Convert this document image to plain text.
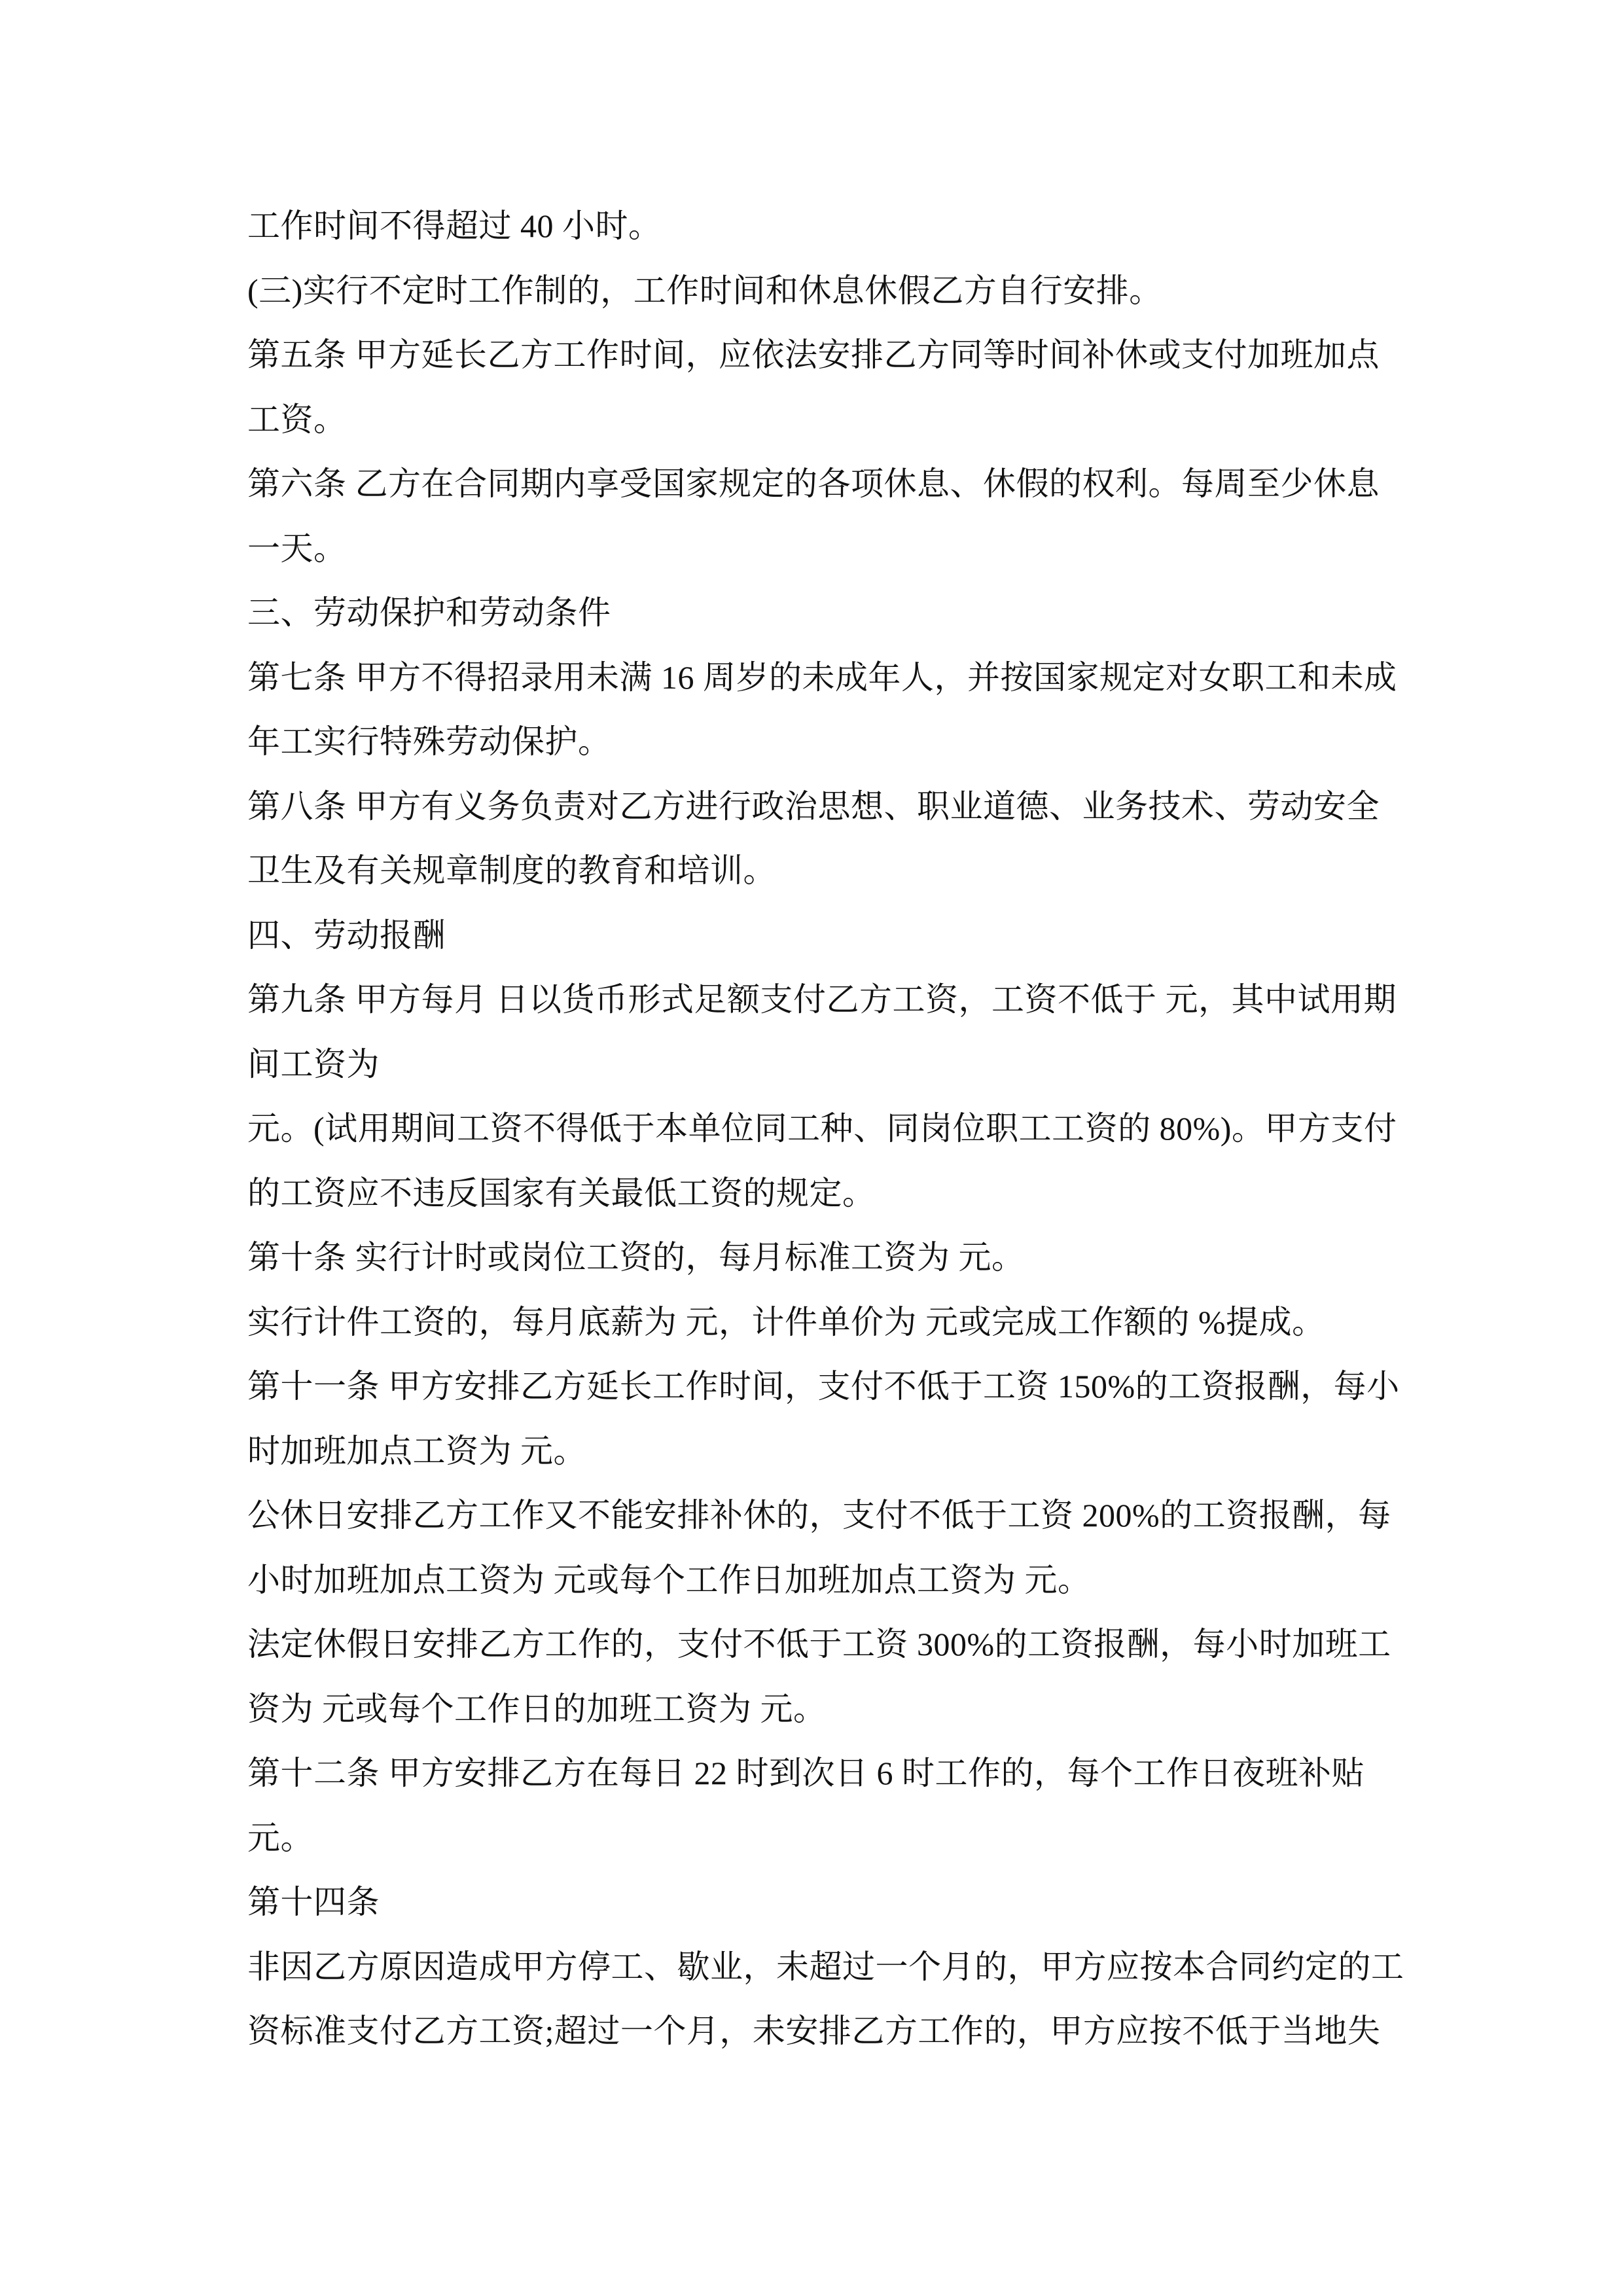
工作时间不得超过 40 小时。
(三)实行不定时工作制的，工作时间和休息休假乙方自行安排。
第五条 甲方延长乙方工作时间，应依法安排乙方同等时间补休或支付加班加点
工资。
第六条 乙方在合同期内享受国家规定的各项休息、休假的权利。每周至少休息
一天。
三、劳动保护和劳动条件
第七条 甲方不得招录用未满 16 周岁的未成年人，并按国家规定对女职工和未成
年工实行特殊劳动保护。
第八条 甲方有义务负责对乙方进行政治思想、职业道德、业务技术、劳动安全
卫生及有关规章制度的教育和培训。
四、劳动报酬
第九条 甲方每月 日以货币形式足额支付乙方工资，工资不低于 元，其中试用期
间工资为
元。(试用期间工资不得低于本单位同工种、同岗位职工工资的 80%)。甲方支付
的工资应不违反国家有关最低工资的规定。
第十条 实行计时或岗位工资的，每月标准工资为 元。
实行计件工资的，每月底薪为 元，计件单价为 元或完成工作额的 %提成。
第十一条 甲方安排乙方延长工作时间，支付不低于工资 150%的工资报酬，每小
时加班加点工资为 元。
公休日安排乙方工作又不能安排补休的，支付不低于工资 200%的工资报酬，每
小时加班加点工资为 元或每个工作日加班加点工资为 元。
法定休假日安排乙方工作的，支付不低于工资 300%的工资报酬，每小时加班工
资为 元或每个工作日的加班工资为 元。
第十二条 甲方安排乙方在每日 22 时到次日 6 时工作的，每个工作日夜班补贴
元。
第十四条
非因乙方原因造成甲方停工、歇业，未超过一个月的，甲方应按本合同约定的工
资标准支付乙方工资;超过一个月，未安排乙方工作的，甲方应按不低于当地失
